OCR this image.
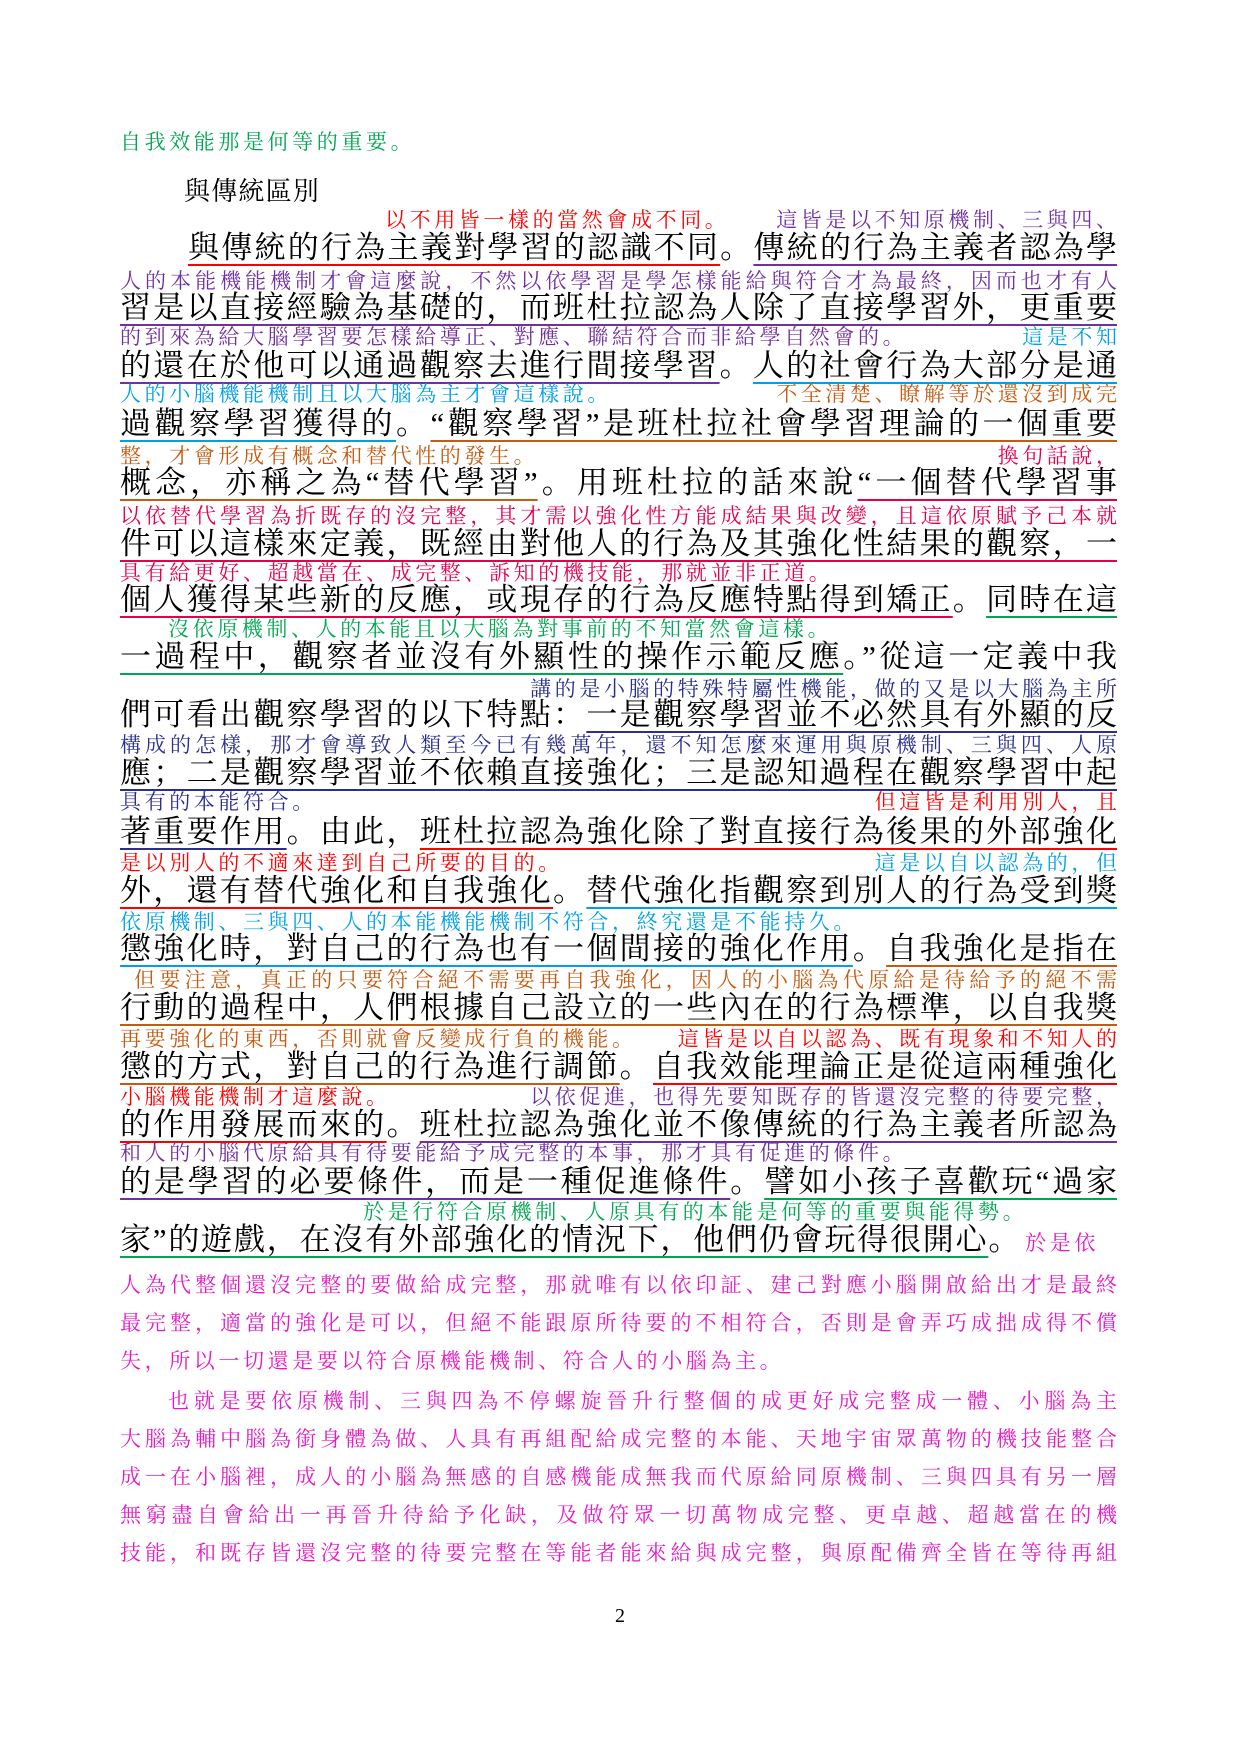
自我效能那是何等的重要。
與傳統區別
以不用皆一樣的當然會成不同。 這皆是以不知原機制、三與四、
與傳統的行為主義對學習的認識不同。傳統的行為主義者認為學
人的本能機能機制才會這麼說，不然以依學習是學怎樣能給與符合才為最終，因而也才有人
習是以直接經驗為基礎的，而班杜拉認為人除了直接學習外，更重要
的到來為給大腦學習要怎樣給導正、對應、聯結符合而非給學自然會的。	這是不知
的還在於他可以通過觀察去進行間接學習。人的社會行為大部分是通
人的小腦機能機制且以大腦為主才會這樣說。	不全清楚、瞭解等於還沒到成完
過觀察學習獲得的。“觀察學習”是班杜拉社會學習理論的一個重要
整，才會形成有概念和替代性的發生。	換句話說，
概念，亦稱之為“替代學習”。用班杜拉的話來說“一個替代學習事
以依替代學習為折既存的沒完整，其才需以強化性方能成結果與改變，且這依原賦予己本就
件可以這樣來定義，既經由對他人的行為及其強化性結果的觀察，一
具有給更好、超越當在、成完整、訴知的機技能，那就並非正道。
個人獲得某些新的反應，或現存的行為反應特點得到矯正。同時在這
沒依原機制、人的本能且以大腦為對事前的不知當然會這樣。
一過程中，觀察者並沒有外顯性的操作示範反應。”從這一定義中我
講的是小腦的特殊特屬性機能，做的又是以大腦為主所
們可看出觀察學習的以下特點：一是觀察學習並不必然具有外顯的反
構成的怎樣，那才會導致人類至今已有幾萬年，還不知怎麼來運用與原機制、三與四、人原
應；二是觀察學習並不依賴直接強化；三是認知過程在觀察學習中起
具有的本能符合。	但這皆是利用別人，且
著重要作用。由此，班杜拉認為強化除了對直接行為後果的外部強化
是以別人的不適來達到自己所要的目的。	這是以自以認為的，但
外，還有替代強化和自我強化。替代強化指觀察到別人的行為受到獎
依原機制、三與四、人的本能機能機制不符合，終究還是不能持久。
懲強化時，對自己的行為也有一個間接的強化作用。自我強化是指在
但要注意，真正的只要符合絕不需要再自我強化，因人的小腦為代原給是待給予的絕不需
行動的過程中，人們根據自己設立的一些內在的行為標準，以自我獎
再要強化的東西，否則就會反變成行負的機能。 這皆是以自以認為、既有現象和不知人的
懲的方式，對自己的行為進行調節。自我效能理論正是從這兩種強化
小腦機能機制才這麼說。	以依促進，也得先要知既存的皆還沒完整的待要完整，
的作用發展而來的。班杜拉認為強化並不像傳統的行為主義者所認為
和人的小腦代原給具有待要能給予成完整的本事，那才具有促進的條件。
的是學習的必要條件，而是一種促進條件。譬如小孩子喜歡玩“過家
於是行符合原機制、人原具有的本能是何等的重要與能得勢。
家”的遊戲，在沒有外部強化的情況下，他們仍會玩得很開心。 於是依
人為代整個還沒完整的要做給成完整，那就唯有以依印証、建己對應小腦開啟給出才是最終
最完整，適當的強化是可以，但絕不能跟原所待要的不相符合，否則是會弄巧成拙成得不償
失，所以一切還是要以符合原機能機制、符合人的小腦為主。
也就是要依原機制、三與四為不停螺旋晉升行整個的成更好成完整成一體、小腦為主
大腦為輔中腦為銜身體為做、人具有再組配給成完整的本能、天地宇宙眾萬物的機技能整合
成一在小腦裡，成人的小腦為無感的自感機能成無我而代原給同原機制、三與四具有另一層
無窮盡自會給出一再晉升待給予化缺，及做符眾一切萬物成完整、更卓越、超越當在的機
技能，和既存皆還沒完整的待要完整在等能者能來給與成完整，與原配備齊全皆在等待再組
2
